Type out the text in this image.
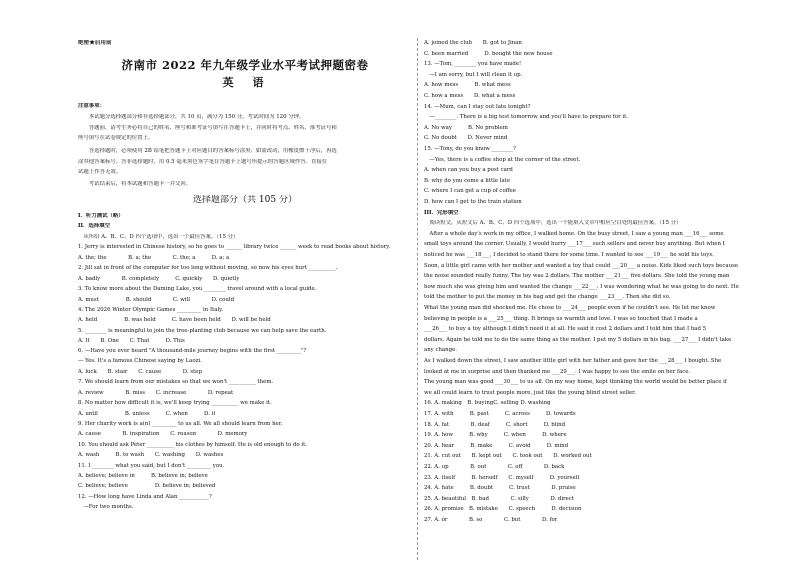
绝密★启用前
济南市 2022 年九年级学业水平考试押题密卷
英　语
注意事项：
　　本试题分选择题部分和非选择题部分，共 10 页，满分为 150 分，考试时间为 120 分钟。
　　答题前，请考生务必将自己的姓名、座号和准考证号填写在答题卡上，并同时将考点、姓名、准考证号和
座号填写在试卷规定的位置上。
　　答选择题时，必须使用 2B 铅笔把答题卡上对应题目的答案标号涂黑；如需改动，用橡皮擦干净后，再选
涂其他答案标号。答非选择题时，用 0.5 毫米黑色签字笔在答题卡上题号所提示的答题区域作答。直接在
试题上作答无效。
　　考试结束后，将本试题和答题卡一并交回。
选择题部分（共 105 分）
I．听力测试（略）
II．选择填空
　从所给 A、B、C、D 四个选项中，选出一个最佳答案。（15 分）
1. Jerry is interested in Chinese history, so he goes to ______ library twice ______ week to read books about history.
A. the; the　　　　B. a; the　　　　C. the; a　　　D. a; a
2. Jill sat in front of the computer for too long without moving, so now his eyes hurt __________.
A. badly　　　　B. completely　　　C. quickly　　D. quietly
3. To know more about the Daming Lake, you ________ travel around with a local guide.
A. must　　　　　B. should　　　　C. will　　　　D. could
4. The 2026 Winter Olympic Games _________ in Italy.
A. held　　　　　B. was held　　　C. have been held　　D. will be held
5. ________ is meaningful to join the tree-planting club because we can help save the earth.
A. It　　B. One　　C. That　　　D. This
6. —Have you ever heard "A thousand-mile journey begins with the first _________"?
— Yes. It's a famous Chinese saying by Laozi.
A. luck　　B. stair　　C. cause　　　　D. step
7. We should learn from our mistakes so that we won't __________ them.
A. review　　　　B. miss　　C. increase　　　　D. repeat
8. No matter how difficult it is, we'll keep trying __________ we make it.
A. until　　　　　B. unless　　　C. when　　　D. if
9. Her charity work is a(n) _________ to us all. We all should learn from her.
A. cause　　　　B. inspiration　　C. reason　　　　D. memory
10. You should ask Peter __________ his clothes by himself. He is old enough to do it.
A. wash　　　B. to wash　　C. washing　　D. washes
11. I ________ what you said, but I don't _________ you.
A. believe; believe in　　　B. believe in; believe
C. believe; believe　　　　　D. believe in; believed
12. —How long have Linda and Alan ___________?
　—For two months.
A. joined the club　　B. got to Jinan
C. been married　　　D. bought the new house
13. —Tom, ________ you have made!
　—I am sorry, but I will clean it up.
A. how mess　　　B. what mess
C. how a mess　　D. what a mess
14. —Mum, can I stay out late tonight?
　—________. There is a big test tomorrow and you'll have to prepare for it.
A. No way　　　B. No problem
C. No doubt　　D. Never mind
15. —Tony, do you know ________?
　—Yes, there is a coffee shop at the corner of the street.
A. when can you buy a post card
B. why do you come a little late
C. where I can get a cup of coffee
D. how can I get to the train station
III．完形填空
　阅读短文，从短文后 A、B、C、D 四个选项中，选出一个能填入文章中相应空白处的最佳答案。（15 分）
　After a whole day's work in my office, I walked home. On the busy street, I saw a young man ___16___ some
small toys around the corner. Usually, I would hurry ___17___ such sellers and never buy anything. But when I
noticed he was ___18___, I decided to stand there for some time. I wanted to see ___19___ he sold his toys.
Soon, a little girl came with her mother and wanted a toy that could ___20___ a noise. Kids liked such toys because
the noise sounded really funny. The toy was 2 dollars. The mother ___21___ five dollars. She told the young man
how much she was giving him and wanted the change ___22___. I was wondering what he was going to do next. He
told the mother to put the money in his bag and get the change ___23___. Then she did so.
What the young man did shocked me. He chose to ___24___ people even if he couldn't see. He let me know
believing in people is a ___25___ thing. It brings us warmth and love. I was so touched that I made a
___26___ to buy a toy although I didn't need it at all. He said it cost 2 dollars and I told him that I had 5
dollars. Again he told me to do the same thing as the mother. I put my 5 dollars in his bag. ___27___ I didn't take
any change.
As I walked down the street, I saw another little girl with her father and gave her the ___28___ I bought. She
looked at me in surprise and then thanked me ___29___. I was happy to see the smile on her face.
The young man was good ___30___ to us all. On my way home, kept thinking the world would be better place if
we all could learn to trust people more, just like the young blind street seller.
16. A. making　B. buyingC. selling D. washing
17. A. with　　　B. past　　　C. across　　　D. towards
18. A. fat　　　　B. deaf　　　C. short　　　D. blind
19. A. how　　　B. why　　　C. when　　　D. where
20. A. hear　　　B. make　　　C. avoid　　　D. mind
21. A. cut out　　B. kept out　　C. took out　　D. worked out
22. A. up　　　　B. out　　　　C. off　　　　D. back
23. A. itself　　　B. herself　　C. myself　　　D. yourself
24. A. hate　　　B. doubt　　　C. trust　　　　D. praise
25. A. beautiful　B. bad　　　　C. silly　　　　D. direct
26. A. promise　B. mistake　　C. speech　　　D. decision
27. A. or　　　　B. so　　　　C. but　　　　D. for
